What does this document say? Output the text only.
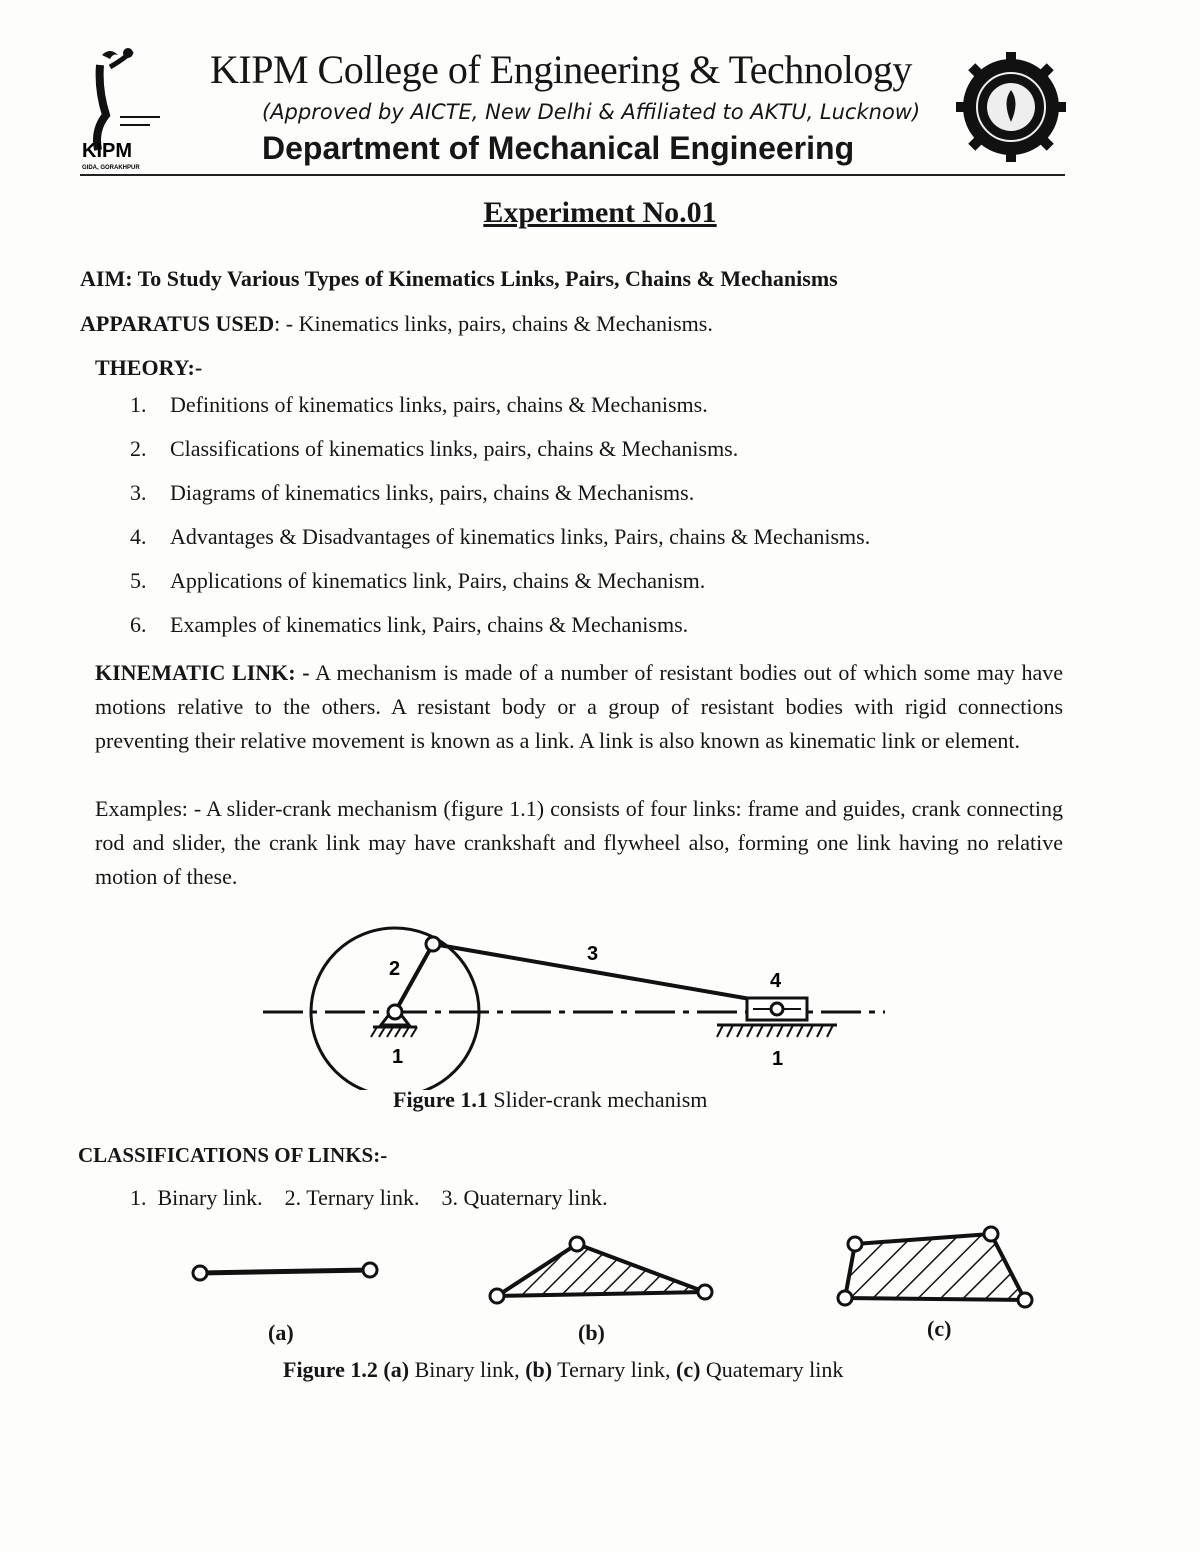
KIPM
GIDA, GORAKHPUR
KIPM College of Engineering & Technology
(Approved by AICTE, New Delhi & Affiliated to AKTU, Lucknow)
Department of Mechanical Engineering
Experiment No.01
AIM: To Study Various Types of Kinematics Links, Pairs, Chains & Mechanisms
APPARATUS USED: - Kinematics links, pairs, chains & Mechanisms.
THEORY:-
1. Definitions of kinematics links, pairs, chains & Mechanisms.
2. Classifications of kinematics links, pairs, chains & Mechanisms.
3. Diagrams of kinematics links, pairs, chains & Mechanisms.
4. Advantages & Disadvantages of kinematics links, Pairs, chains & Mechanisms.
5. Applications of kinematics link, Pairs, chains & Mechanism.
6. Examples of kinematics link, Pairs, chains & Mechanisms.
KINEMATIC LINK: - A mechanism is made of a number of resistant bodies out of which some may have motions relative to the others. A resistant body or a group of resistant bodies with rigid connections preventing their relative movement is known as a link. A link is also known as kinematic link or element.
Examples: - A slider-crank mechanism (figure 1.1) consists of four links: frame and guides, crank connecting rod and slider, the crank link may have crankshaft and flywheel also, forming one link having no relative motion of these.
2
3
4
1	1
Figure 1.1 Slider-crank mechanism
CLASSIFICATIONS OF LINKS:-
1.  Binary link.    2. Ternary link.    3. Quaternary link.
(a)	(b)	(c)
Figure 1.2 (a) Binary link, (b) Ternary link, (c) Quatemary link
